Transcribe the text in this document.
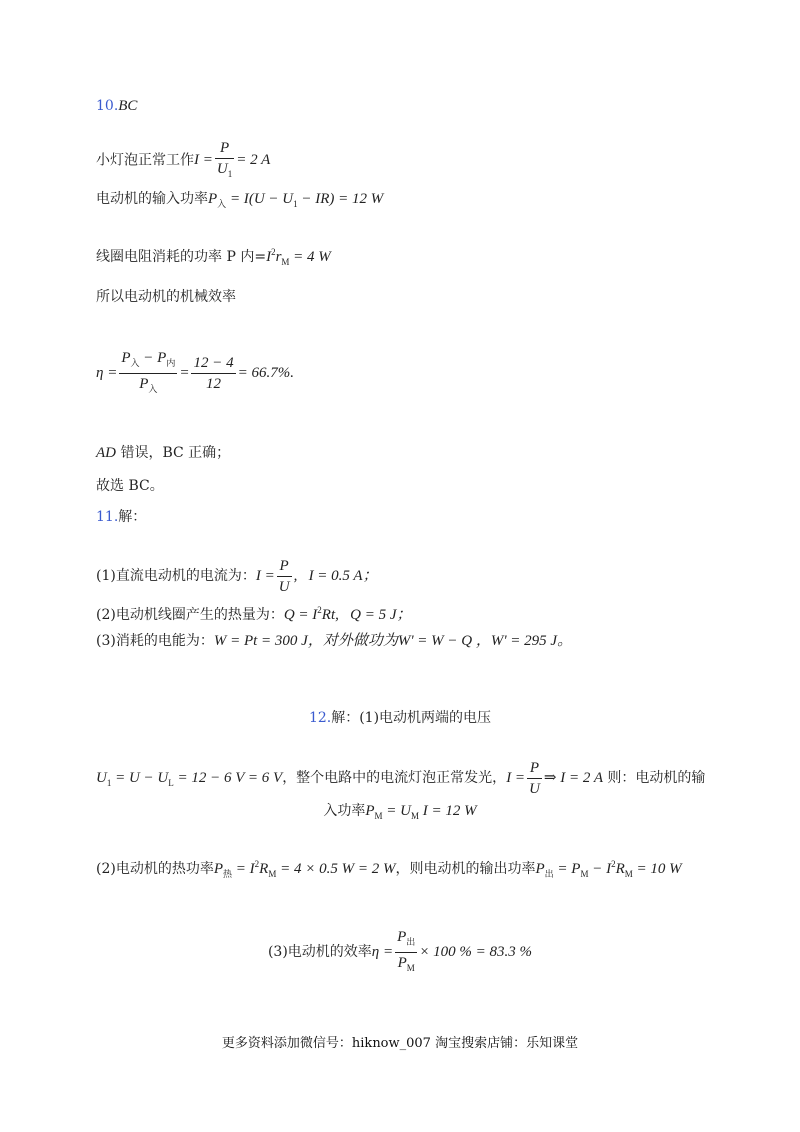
10.BC
小灯泡正常工作$I = \frac{P}{U_1} = 2$ A
电动机的输入功率$P_入 = I(U - U_1 - IR) = 12$ W
线圈电阻消耗的功率 P 内$=I^2r_M = 4$ W
所以电动机的机械效率
$\eta = \frac{P_入 - P_内}{P_入} = \frac{12 - 4}{12} = 66.7\%$.
AD 错误，BC 正确；
故选 BC。
11.解：
(1)直流电动机的电流为：$I = \frac{P}{U}$ ,   I = 0.5 A；
(2)电动机线圈产生的热量为：$Q = I^2Rt$,   Q = 5 J；
(3)消耗的电能为：W = Pt = 300 J，对外做功为W' = W − Q ，W' = 295 J。
12.解：(1)电动机两端的电压
$U_1 = U - U_L = 12 - 6$ V = 6 V，整个电路中的电流灯泡正常发光，$I = \frac{P}{U}$ ⇒ I = 2 A 则：电动机的输
入功率$P_M = U_M$ I = 12 W
(2)电动机的热功率$P_热 = I^2R_M = 4 \times 0.5$ W = 2 W，则电动机的输出功率$P_出 = P_M - I^2R_M = 10$ W
(3)电动机的效率$\eta = \frac{P_出}{P_M} \times 100$ % = 83.3 %
更多资料添加微信号：hiknow_007 淘宝搜索店铺：乐知课堂
